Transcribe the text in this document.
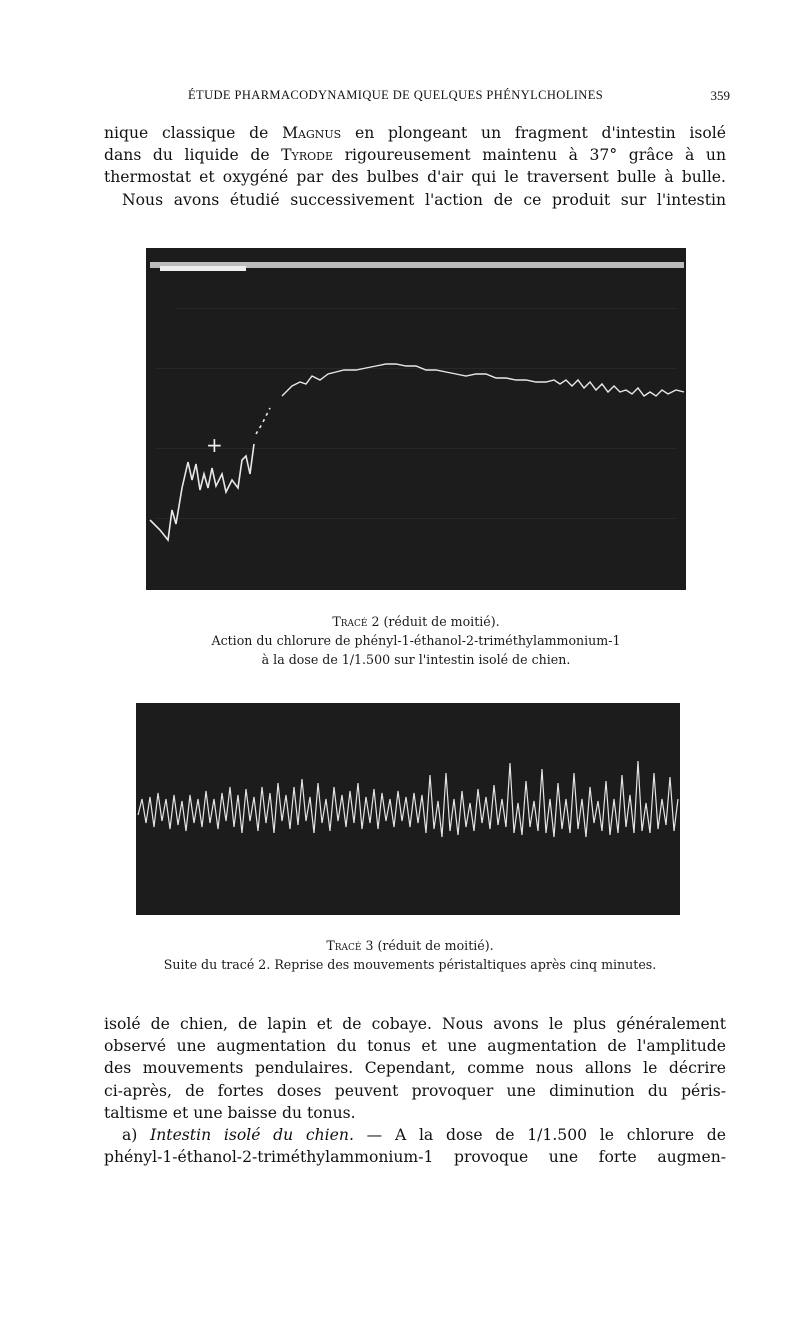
ÉTUDE PHARMACODYNAMIQUE DE QUELQUES PHÉNYLCHOLINES	359
nique classique de Magnus en plongeant un fragment d'intestin isolé
dans du liquide de Tyrode rigoureusement maintenu à 37° grâce à un
thermostat et oxygéné par des bulbes d'air qui le traversent bulle à bulle.
Nous avons étudié successivement l'action de ce produit sur l'intestin
+
Tracé 2 (réduit de moitié).
Action du chlorure de phényl-1-éthanol-2-triméthylammonium-1
à la dose de 1/1.500 sur l'intestin isolé de chien.
Tracé 3 (réduit de moitié).
Suite du tracé 2. Reprise des mouvements péristaltiques après cinq minutes.
isolé de chien, de lapin et de cobaye. Nous avons le plus généralement
observé une augmentation du tonus et une augmentation de l'amplitude
des mouvements pendulaires. Cependant, comme nous allons le décrire
ci-après, de fortes doses peuvent provoquer une diminution du péris-
taltisme et une baisse du tonus.
a) Intestin isolé du chien. — A la dose de 1/1.500 le chlorure de
phényl-1-éthanol-2-triméthylammonium-1 provoque une forte augmen-
